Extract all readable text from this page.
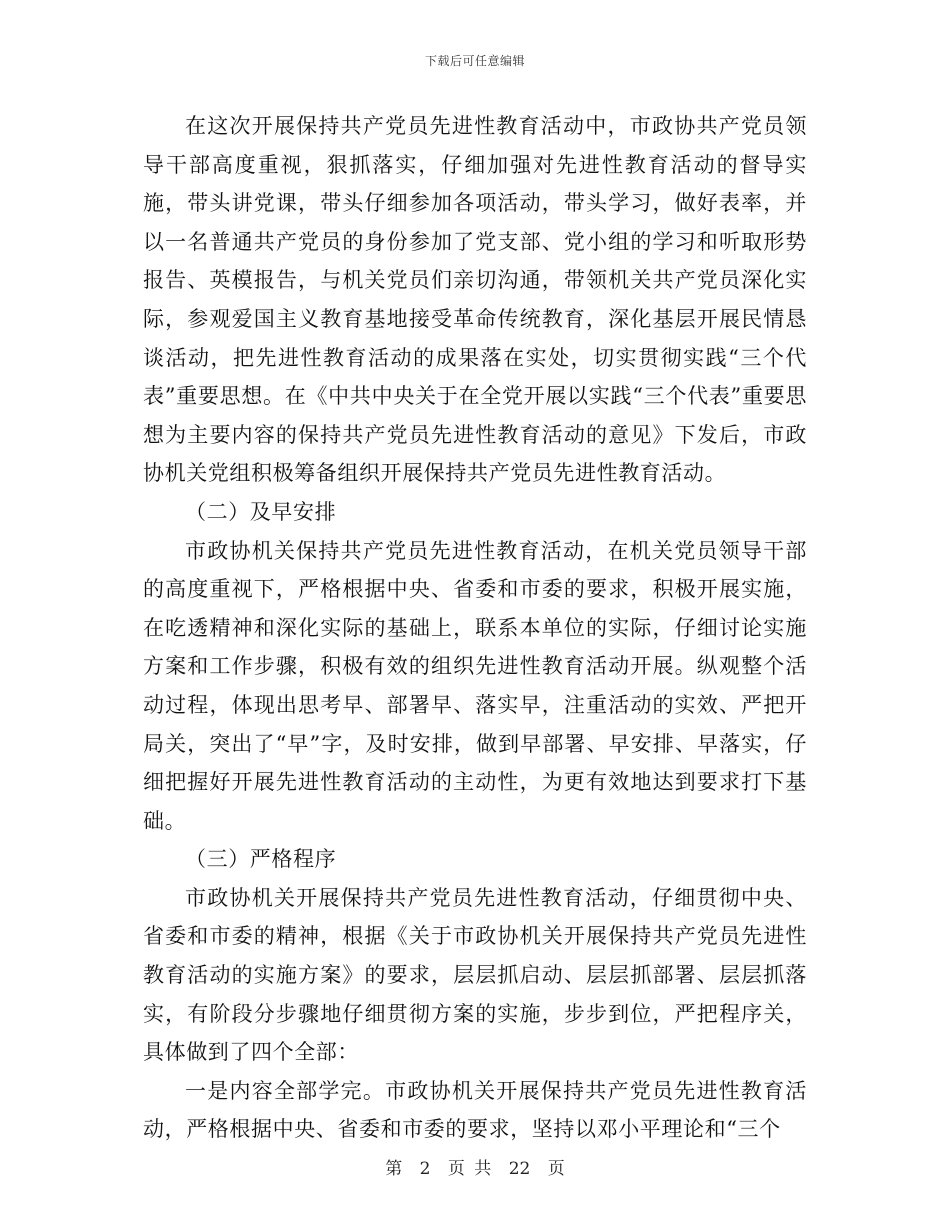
下载后可任意编辑

在这次开展保持共产党员先进性教育活动中，市政协共产党员领导干部高度重视，狠抓落实，仔细加强对先进性教育活动的督导实施，带头讲党课，带头仔细参加各项活动，带头学习，做好表率，并以一名普通共产党员的身份参加了党支部、党小组的学习和听取形势报告、英模报告，与机关党员们亲切沟通，带领机关共产党员深化实际，参观爱国主义教育基地接受革命传统教育，深化基层开展民情恳谈活动，把先进性教育活动的成果落在实处，切实贯彻实践“三个代表”重要思想。在《中共中央关于在全党开展以实践“三个代表”重要思想为主要内容的保持共产党员先进性教育活动的意见》下发后，市政协机关党组积极筹备组织开展保持共产党员先进性教育活动。

（二）及早安排

市政协机关保持共产党员先进性教育活动，在机关党员领导干部的高度重视下，严格根据中央、省委和市委的要求，积极开展实施，在吃透精神和深化实际的基础上，联系本单位的实际，仔细讨论实施方案和工作步骤，积极有效的组织先进性教育活动开展。纵观整个活动过程，体现出思考早、部署早、落实早，注重活动的实效、严把开局关，突出了“早”字，及时安排，做到早部署、早安排、早落实，仔细把握好开展先进性教育活动的主动性，为更有效地达到要求打下基础。

（三）严格程序

市政协机关开展保持共产党员先进性教育活动，仔细贯彻中央、省委和市委的精神，根据《关于市政协机关开展保持共产党员先进性教育活动的实施方案》的要求，层层抓启动、层层抓部署、层层抓落实，有阶段分步骤地仔细贯彻方案的实施，步步到位，严把程序关，具体做到了四个全部：

一是内容全部学完。市政协机关开展保持共产党员先进性教育活动，严格根据中央、省委和市委的要求，坚持以邓小平理论和“三个

第 2 页 共 22 页
